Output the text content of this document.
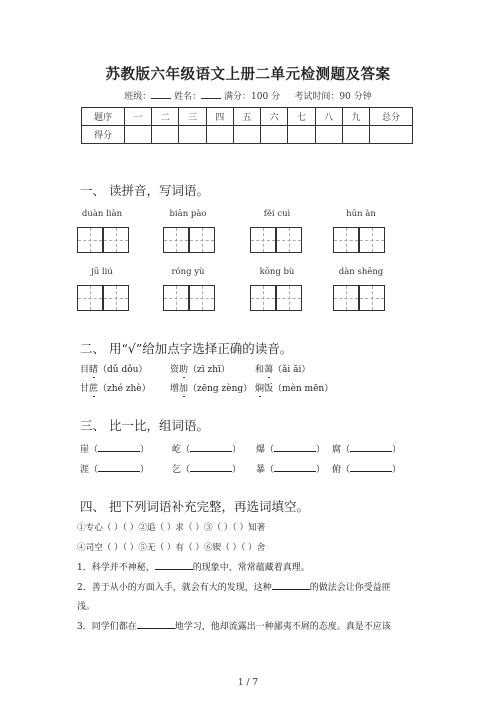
苏教版六年级语文上册二单元检测题及答案
班级：	姓名：	满分：100 分 考试时间：90 分钟
题序	一	二	三	四	五	六	七	八	九	总分
得分										
一、 读拼音，写词语。
duàn liàn	biān pào	fěi cuì	hūn àn
jū liú	róng yù	kōng bù	dàn shēng
二、 用“√”给加点字选择正确的读音。
目睹（dǔ dǒu）	资助（zī zhī）	和蔼（ǎi ǎi）
甘蔗（zhé zhè） 增加（zēng zèng） 焖饭（mèn mēn）
三、 比一比，组词语。
崖（	）	屹（	） 爆（	） 腐（	）
涯（	）	乞（	） 暴（	） 俯（	）
四、 把下列词语补充完整，再选词填空。
①专心（ ）（ ）②追（ ）求（ ）③（ ）（ ）知著
④司空（ ）（ ）⑤无（ ）有（ ）⑥锲（ ）（ ）舍
1．科学并不神秘，	的现象中，常常蕴藏着真理。
2．善于从小的方面入手，就会有大的发现，这种	的做法会让你受益匪
浅。
3．同学们都在	地学习，他却流露出一种鄙夷不屑的态度。真是不应该
1 / 7
